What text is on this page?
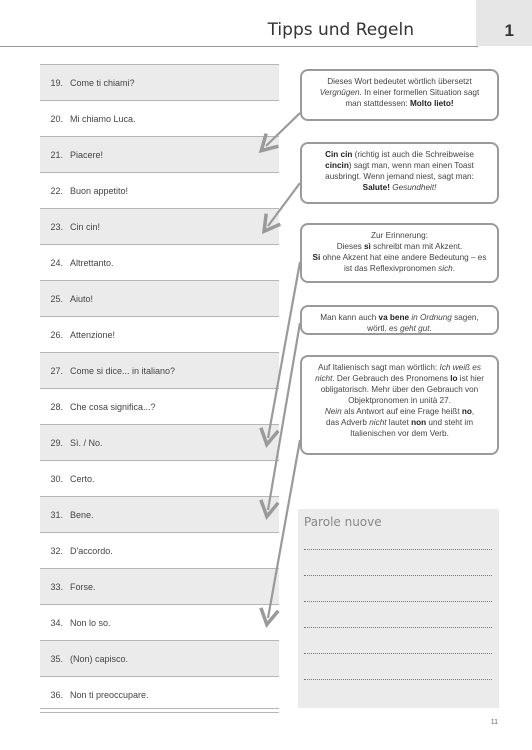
Tipps und Regeln	1
19. Come ti chiami?
20. Mi chiamo Luca.
21. Piacere!
22. Buon appetito!
23. Cin cin!
24. Altrettanto.
25. Aiuto!
26. Attenzione!
27. Come si dice... in italiano?
28. Che cosa significa...?
29. Sì. / No.
30. Certo.
31. Bene.
32. D'accordo.
33. Forse.
34. Non lo so.
35. (Non) capisco.
36. Non ti preoccupare.
Dieses Wort bedeutet wörtlich übersetzt
Vergnügen. In einer formellen Situation sagt
man stattdessen: Molto lieto!
Cin cin (richtig ist auch die Schreibweise
cincin) sagt man, wenn man einen Toast
ausbringt. Wenn jemand niest, sagt man:
Salute! Gesundheit!
Zur Erinnerung:
Dieses sì schreibt man mit Akzent.
Si ohne Akzent hat eine andere Bedeutung – es
ist das Reflexivpronomen sich.
Man kann auch va bene in Ordnung sagen,
wörtl. es geht gut.
Auf Italienisch sagt man wörtlich: Ich weiß es
nicht. Der Gebrauch des Pronomens lo ist hier
obligatorisch. Mehr über den Gebrauch von
Objektpronomen in unità 27.
Nein als Antwort auf eine Frage heißt no,
das Adverb nicht lautet non und steht im
Italienischen vor dem Verb.
Parole nuove
11
